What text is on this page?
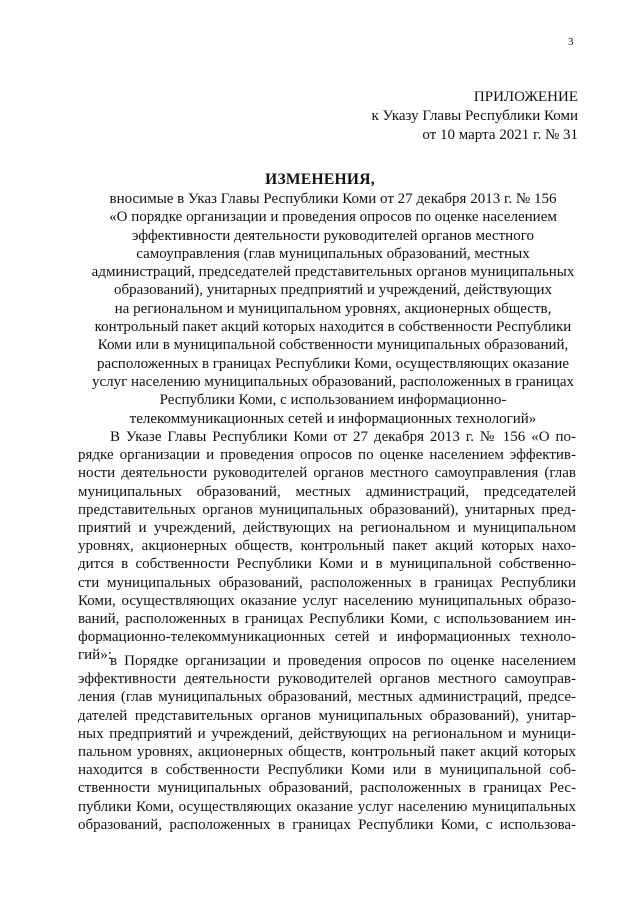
3
ПРИЛОЖЕНИЕ
к Указу Главы Республики Коми
от 10 марта 2021 г. № 31
ИЗМЕНЕНИЯ,
вносимые в Указ Главы Республики Коми от 27 декабря 2013 г. № 156
«О порядке организации и проведения опросов по оценке населением
эффективности деятельности руководителей органов местного
самоуправления (глав муниципальных образований, местных
администраций, председателей представительных органов муниципальных
образований), унитарных предприятий и учреждений, действующих
на региональном и муниципальном уровнях, акционерных обществ,
контрольный пакет акций которых находится в собственности Республики
Коми или в муниципальной собственности муниципальных образований,
расположенных в границах Республики Коми, осуществляющих оказание
услуг населению муниципальных образований, расположенных в границах
Республики Коми, с использованием информационно-
телекоммуникационных сетей и информационных технологий»
В Указе Главы Республики Коми от 27 декабря 2013 г. № 156 «О по-
рядке организации и проведения опросов по оценке населением эффектив-
ности деятельности руководителей органов местного самоуправления (глав
муниципальных образований, местных администраций, председателей
представительных органов муниципальных образований), унитарных пред-
приятий и учреждений, действующих на региональном и муниципальном
уровнях, акционерных обществ, контрольный пакет акций которых нахо-
дится в собственности Республики Коми и в муниципальной собственно-
сти муниципальных образований, расположенных в границах Республики
Коми, осуществляющих оказание услуг населению муниципальных образо-
ваний, расположенных в границах Республики Коми, с использованием ин-
формационно-телекоммуникационных сетей и информационных техноло-
гий»:
в Порядке организации и проведения опросов по оценке населением
эффективности деятельности руководителей органов местного самоуправ-
ления (глав муниципальных образований, местных администраций, предсе-
дателей представительных органов муниципальных образований), унитар-
ных предприятий и учреждений, действующих на региональном и муници-
пальном уровнях, акционерных обществ, контрольный пакет акций которых
находится в собственности Республики Коми или в муниципальной соб-
ственности муниципальных образований, расположенных в границах Рес-
публики Коми, осуществляющих оказание услуг населению муниципальных
образований, расположенных в границах Республики Коми, с использова-
